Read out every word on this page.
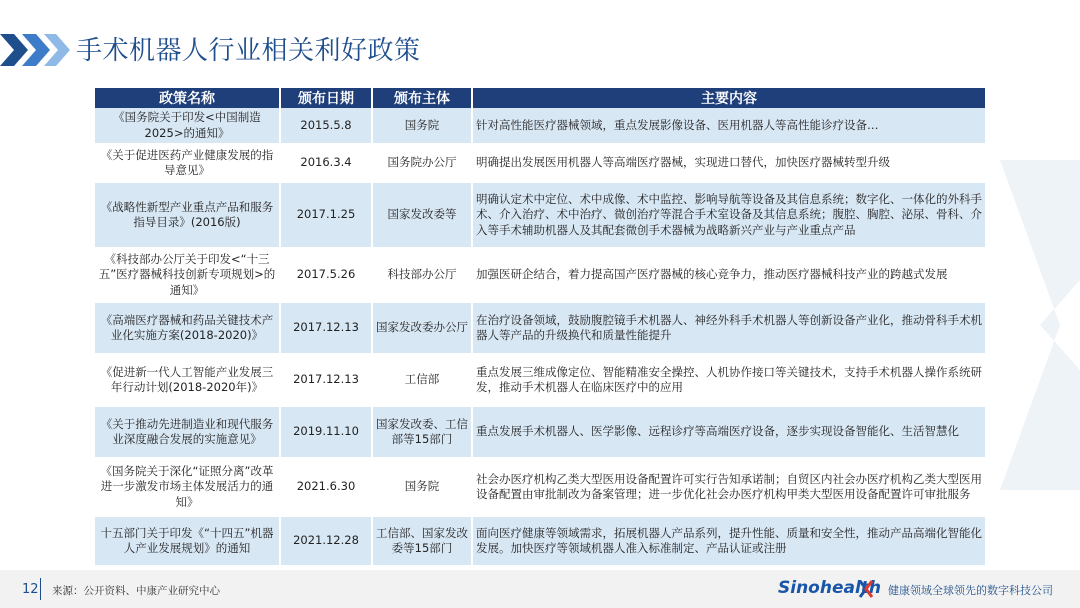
手术机器人行业相关利好政策
政策名称	颁布日期	颁布主体	主要内容
《国务院关于印发<中国制造2025>的通知》	2015.5.8	国务院	针对高性能医疗器械领域，重点发展影像设备、医用机器人等高性能诊疗设备…
《关于促进医药产业健康发展的指导意见》	2016.3.4	国务院办公厅	明确提出发展医用机器人等高端医疗器械，实现进口替代，加快医疗器械转型升级
《战略性新型产业重点产品和服务指导目录》(2016版)	2017.1.25	国家发改委等	明确认定术中定位、术中成像、术中监控、影响导航等设备及其信息系统；数字化、一体化的外科手术、介入治疗、术中治疗、微创治疗等混合手术室设备及其信息系统；腹腔、胸腔、泌尿、骨科、介入等手术辅助机器人及其配套微创手术器械为战略新兴产业与产业重点产品
《科技部办公厅关于印发<“十三五”医疗器械科技创新专项规划>的通知》	2017.5.26	科技部办公厅	加强医研企结合，着力提高国产医疗器械的核心竞争力，推动医疗器械科技产业的跨越式发展
《高端医疗器械和药品关键技术产业化实施方案(2018-2020)》	2017.12.13	国家发改委办公厅	在治疗设备领域，鼓励腹腔镜手术机器人、神经外科手术机器人等创新设备产业化，推动骨科手术机器人等产品的升级换代和质量性能提升
《促进新一代人工智能产业发展三年行动计划(2018-2020年)》	2017.12.13	工信部	重点发展三维成像定位、智能精准安全操控、人机协作接口等关键技术，支持手术机器人操作系统研发，推动手术机器人在临床医疗中的应用
《关于推动先进制造业和现代服务业深度融合发展的实施意见》	2019.11.10	国家发改委、工信部等15部门	重点发展手术机器人、医学影像、远程诊疗等高端医疗设备，逐步实现设备智能化、生活智慧化
《国务院关于深化“证照分离”改革进一步激发市场主体发展活力的通知》	2021.6.30	国务院	社会办医疗机构乙类大型医用设备配置许可实行告知承诺制；自贸区内社会办医疗机构乙类大型医用设备配置由审批制改为备案管理；进一步优化社会办医疗机构甲类大型医用设备配置许可审批服务
十五部门关于印发《“十四五”机器人产业发展规划》的通知	2021.12.28	工信部、国家发改委等15部门	面向医疗健康等领域需求，拓展机器人产品系列，提升性能、质量和安全性，推动产品高端化智能化发展。加快医疗等领域机器人准入标准制定、产品认证或注册
12 来源：公开资料、中康产业研究中心	Sinohealth 健康领域全球领先的数字科技公司
